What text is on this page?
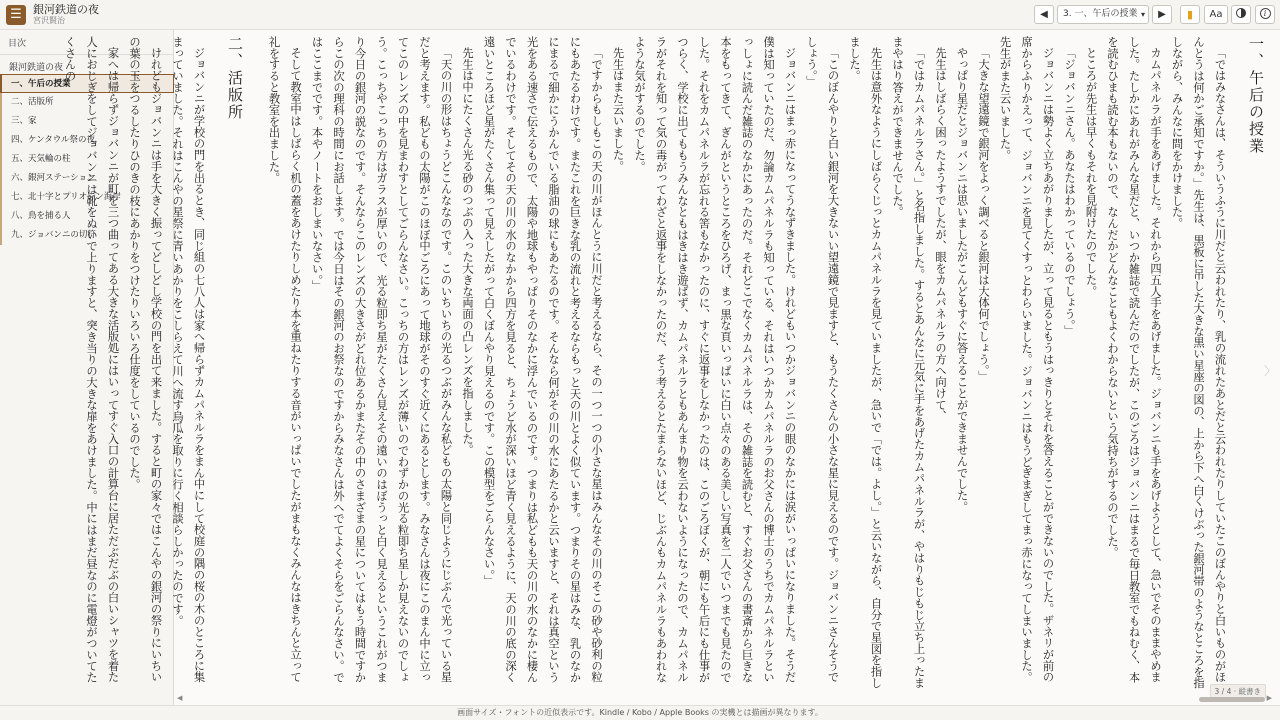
☰	銀河鉄道の夜
宮沢賢治
◀	3. 一、午后の授業 ▾	▶	▮	Aa	i
目次
銀河鉄道の夜
一、午后の授業
二、活版所
三、家
四、ケンタウル祭の夜
五、天気輪の柱
六、銀河ステーション
七、北十字とプリオシン海岸
八、鳥を捕る人
九、ジョバンニの切符
一、午后の授業

「ではみなさんは、そういうふうに川だと云われたり、乳の流れたあとだと云われたりしていたこのぼんやりと白いものがほんとうは何かご承知ですか。」先生は、黒板に吊した大きな黒い星座の図の、上から下へ白くけぶった銀河帯のようなところを指しながら、みんなに問をかけました。

カムパネルラが手をあげました。それから四五人手をあげました。ジョバンニも手をあげようとして、急いでそのままやめました。たしかにあれがみんな星だと、いつか雑誌で読んだのでしたが、このごろはジョバンニはまるで毎日教室でもねむく、本を読むひまも読む本もないので、なんだかどんなこともよくわからないという気持ちがするのでした。

ところが先生は早くもそれを見附けたのでした。

「ジョバンニさん。あなたはわかっているのでしょう。」

ジョバンニは勢よく立ちあがりましたが、立って見るともうはっきりとそれを答えることができないのでした。ザネリが前の席からふりかえって、ジョバンニを見てくすっとわらいました。ジョバンニはもうどぎまぎしてまっ赤になってしまいました。先生がまた云いました。

「大きな望遠鏡で銀河をよっく調べると銀河は大体何でしょう。」

やっぱり星だとジョバンニは思いましたがこんどもすぐに答えることができませんでした。

先生はしばらく困ったようすでしたが、眼をカムパネルラの方へ向けて、

「ではカムパネルラさん。」と名指しました。するとあんなに元気に手をあげたカムパネルラが、やはりもじもじ立ち上ったままやはり答えができませんでした。

先生は意外なようにしばらくじっとカムパネルラを見ていましたが、急いで「では。よし。」と云いながら、自分で星図を指しました。

「このぼんやりと白い銀河を大きないい望遠鏡で見ますと、もうたくさんの小さな星に見えるのです。ジョバンニさんそうでしょう。」

ジョバンニはまっ赤になってうなずきました。けれどもいつかジョバンニの眼のなかには涙がいっぱいになりました。そうだ僕は知っていたのだ、勿論カムパネルラも知っている、それはいつかカムパネルラのお父さんの博士のうちでカムパネルラといっしょに読んだ雑誌のなかにあったのだ。それどこでなくカムパネルラは、その雑誌を読むと、すぐお父さんの書斎から巨きな本をもってきて、ぎんがというところをひろげ、まっ黒な頁いっぱいに白い点々のある美しい写真を二人でいつまでも見たのでした。それをカムパネルラが忘れる筈もなかったのに、すぐに返事をしなかったのは、このごろぼくが、朝にも午后にも仕事がつらく、学校に出てももうみんなともはきはき遊ばず、カムパネルラともあんまり物を云わないようになったので、カムパネルラがそれを知って気の毒がってわざと返事をしなかったのだ、そう考えるとたまらないほど、じぶんもカムパネルラもあわれなような気がするのでした。

先生はまた云いました。

「ですからもしもこの天の川がほんとうに川だと考えるなら、その一つ一つの小さな星はみんなその川のそこの砂や砂利の粒にもあたるわけです。またこれを巨きな乳の流れと考えるならもっと天の川とよく似ています。つまりその星はみな、乳のなかにまるで細かにうかんでいる脂油の球にもあたるのです。そんなら何がその川の水にあたるかと云いますと、それは真空という光をある速さで伝えるもので、太陽や地球もやっぱりそのなかに浮んでいるのです。つまりは私どもも天の川の水のなかに棲んでいるわけです。そしてその天の川の水のなかから四方を見ると、ちょうど水が深いほど青く見えるように、天の川の底の深く遠いところほど星がたくさん集って見えしたがって白くぼんやり見えるのです。この模型をごらんなさい。」

先生は中にたくさん光る砂のつぶの入った大きな両面の凸レンズを指しました。

「天の川の形はちょうどこんななのです。このいちいちの光るつぶがみんな私どもの太陽と同じようにじぶんで光っている星だと考えます。私どもの太陽がこのほぼ中ごろにあって地球がそのすぐ近くにあるとします。みなさんは夜にこのまん中に立ってこのレンズの中を見まわすとしてごらんなさい。こっちの方はレンズが薄いのでわずかの光る粒即ち星しか見えないのでしょう。こっちやこっちの方はガラスが厚いので、光る粒即ち星がたくさん見えその遠いのはぼうっと白く見えるというこれがつまり今日の銀河の説なのです。そんならこのレンズの大きさがどれ位あるかまたその中のさまざまの星についてはもう時間ですからこの次の理科の時間にお話します。では今日はその銀河のお祭なのですからみなさんは外へでてよくそらをごらんなさい。ではここまでです。本やノートをおしまいなさい。」

そして教室中はしばらく机の蓋をあけたりしめたり本を重ねたりする音がいっぱいでしたがまもなくみんなはきちんと立って礼をすると教室を出ました。

二、活版所

ジョバンニが学校の門を出るとき、同じ組の七八人は家へ帰らずカムパネルラをまん中にして校庭の隅の桜の木のところに集まっていました。それはこんやの星祭に青いあかりをこしらえて川へ流す烏瓜を取りに行く相談らしかったのです。

けれどもジョバンニは手を大きく振ってどしどし学校の門を出て来ました。すると町の家々ではこんやの銀河の祭りにいちいの葉の玉をつるしたりひのきの枝にあかりをつけたりいろいろ仕度をしているのでした。

家へは帰らずジョバンニが町を三つ曲ってある大きな活版処にはいってすぐ入口の計算台に居ただぶだぶの白いシャツを着た人におじぎをしてジョバンニは靴をぬいで上りますと、突き当りの大きな扉をあけました。中にはまだ昼なのに電燈がついてたくさんの

〉
3 / 4 · 縦書き
◀	▶
画面サイズ・フォントの近似表示です。Kindle / Kobo / Apple Books の実機とは描画が異なります。
